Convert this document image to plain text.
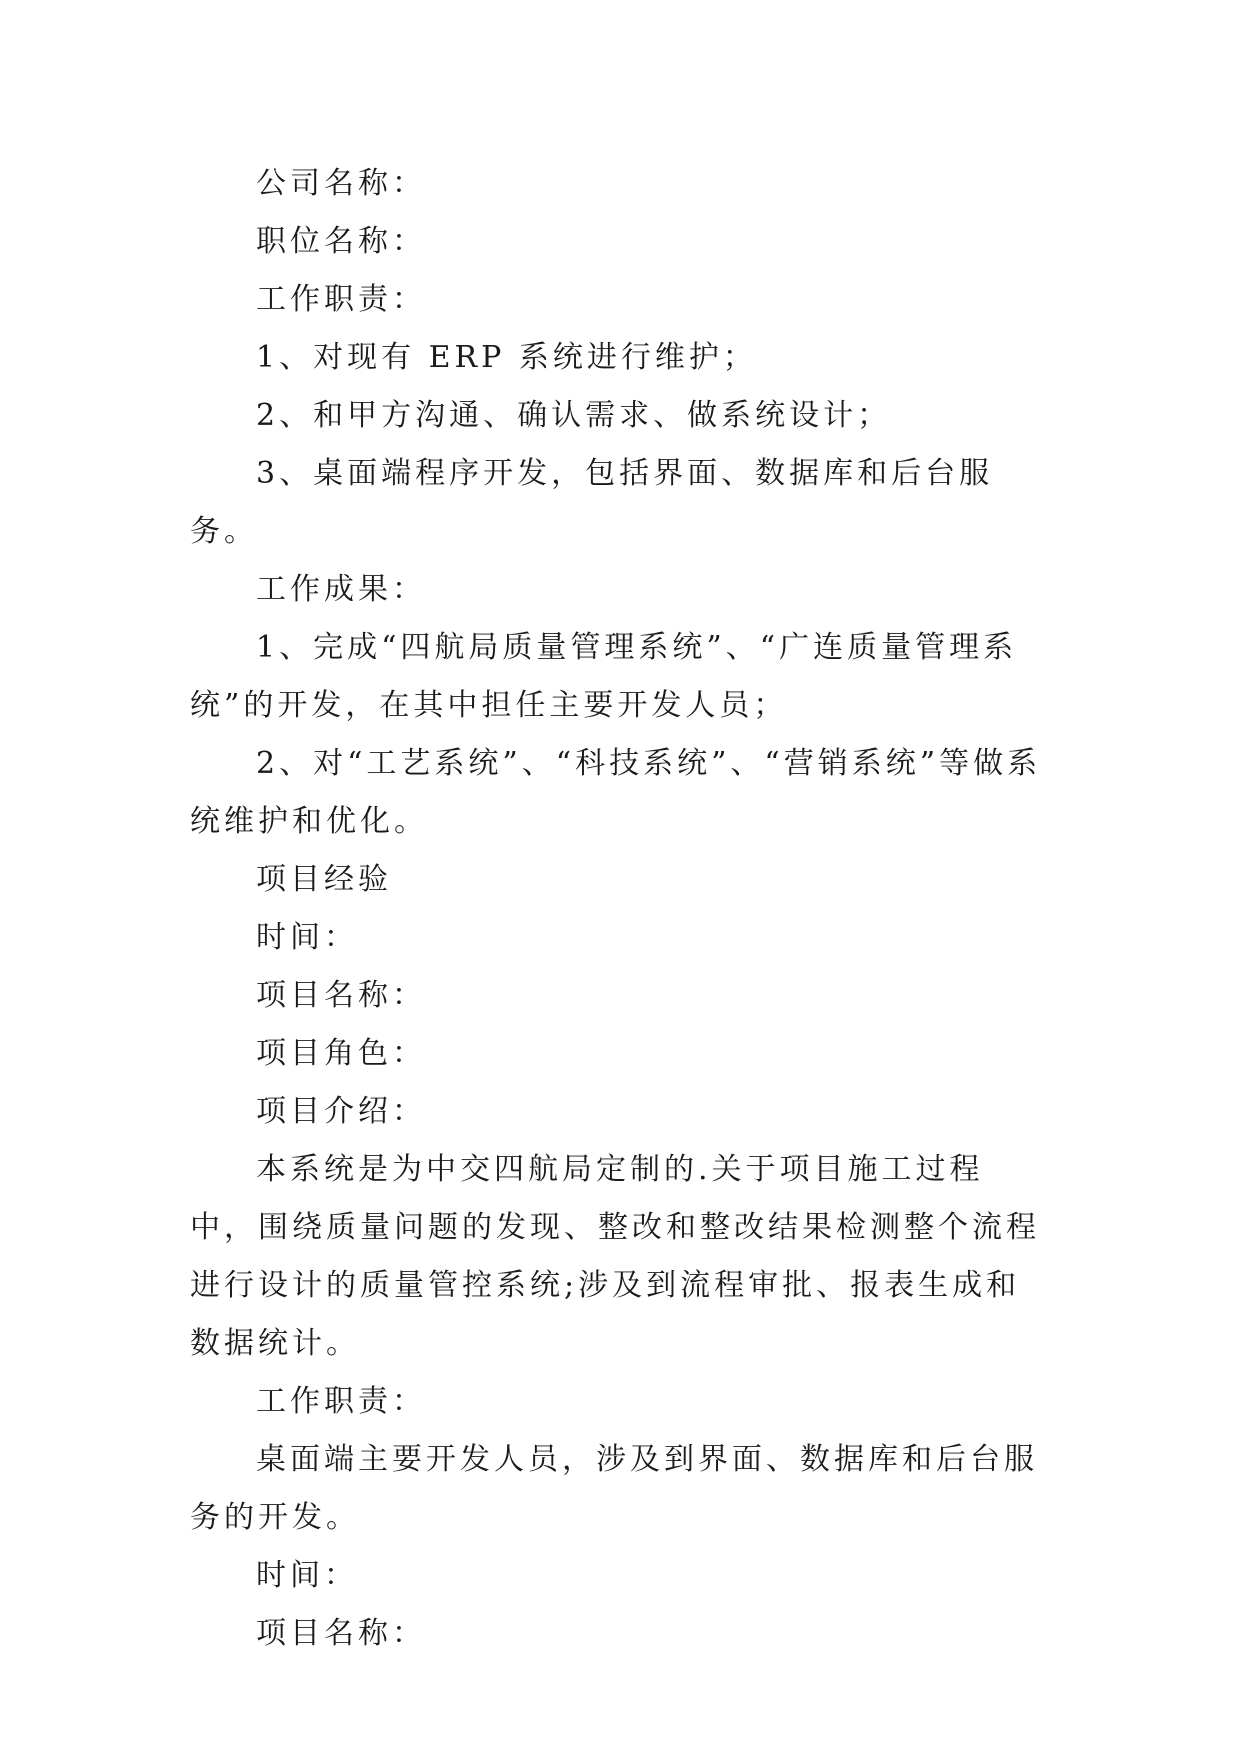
公司名称：

职位名称：

工作职责：

1、对现有 ERP 系统进行维护；

2、和甲方沟通、确认需求、做系统设计；

3、桌面端程序开发，包括界面、数据库和后台服务。

工作成果：

1、完成“四航局质量管理系统”、“广连质量管理系统”的开发，在其中担任主要开发人员；

2、对“工艺系统”、“科技系统”、“营销系统”等做系统维护和优化。

项目经验

时间：

项目名称：

项目角色：

项目介绍：

本系统是为中交四航局定制的.关于项目施工过程中，围绕质量问题的发现、整改和整改结果检测整个流程进行设计的质量管控系统;涉及到流程审批、报表生成和数据统计。

工作职责：

桌面端主要开发人员，涉及到界面、数据库和后台服务的开发。

时间：

项目名称：
